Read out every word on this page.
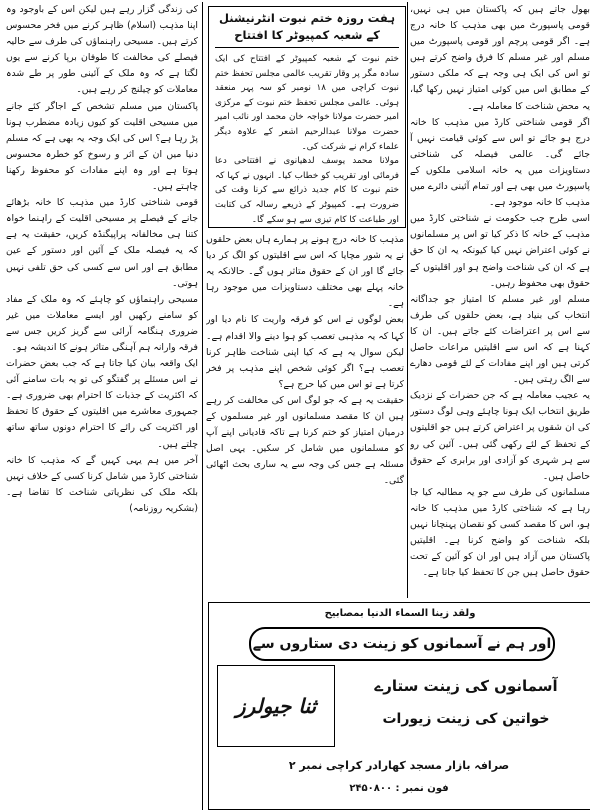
بھول جاتے ہیں کہ پاکستان میں ہی نہیں، قومی پاسپورٹ میں بھی مذہب کا خانہ درج ہے۔ اگر قومی پرچم اور قومی پاسپورٹ میں مسلم اور غیر مسلم کا فرق واضح کرتے ہیں تو اس کی ایک ہی وجہ ہے کہ ملکی دستور کے مطابق اس میں کوئی امتیاز نہیں رکھا گیا، یہ محض شناخت کا معاملہ ہے۔

اگر قومی شناختی کارڈ میں مذہب کا خانہ درج ہو جائے تو اس سے کوئی قیامت نہیں آ جائے گی۔ عالمی فیصلہ کی شناختی دستاویزات میں یہ خانہ اسلامی ملکوں کے پاسپورٹ میں بھی ہے اور تمام آئینی دائرے میں مذہب کا خانہ موجود ہے۔

اسی طرح جب حکومت نے شناختی کارڈ میں مذہب کے خانہ کا ذکر کیا تو اس پر مسلمانوں نے کوئی اعتراض نہیں کیا کیونکہ یہ ان کا حق ہے کہ ان کی شناخت واضح ہو اور اقلیتوں کے حقوق بھی محفوظ رہیں۔

مسلم اور غیر مسلم کا امتیاز جو جداگانہ انتخاب کی بنیاد ہے، بعض حلقوں کی طرف سے اس پر اعتراضات کئے جاتے ہیں۔ ان کا کہنا ہے کہ اس سے اقلیتیں مراعات حاصل کرتی ہیں اور اپنے مفادات کے لئے قومی دھارے سے الگ رہتی ہیں۔

یہ عجیب معاملہ ہے کہ جن حضرات کے نزدیک طریق انتخاب ایک ہونا چاہئے وہی لوگ دستور کی ان شقوں پر اعتراض کرتے ہیں جو اقلیتوں کے تحفظ کے لئے رکھی گئی ہیں۔ آئین کی رو سے ہر شہری کو آزادی اور برابری کے حقوق حاصل ہیں۔

مسلمانوں کی طرف سے جو یہ مطالبہ کیا جا رہا ہے کہ شناختی کارڈ میں مذہب کا خانہ ہو، اس کا مقصد کسی کو نقصان پہنچانا نہیں بلکہ شناخت کو واضح کرنا ہے۔ اقلیتیں پاکستان میں آزاد ہیں اور ان کو آئین کے تحت حقوق حاصل ہیں جن کا تحفظ کیا جاتا ہے۔

ہفت روزہ ختم نبوت انٹرنیشنل کے شعبہ کمپیوٹر کا افتتاح

ختم نبوت کے شعبہ کمپیوٹر کے افتتاح کی ایک سادہ مگر پر وقار تقریب عالمی مجلس تحفظ ختم نبوت کراچی میں ۱۸ نومبر کو سہ پہر منعقد ہوئی۔ عالمی مجلس تحفظ ختم نبوت کے مرکزی امیر حضرت مولانا خواجہ خان محمد اور نائب امیر حضرت مولانا عبدالرحیم اشعر کے علاوہ دیگر علماء کرام نے شرکت کی۔

مولانا محمد یوسف لدھیانوی نے افتتاحی دعا فرمائی اور تقریب کو خطاب کیا۔ انہوں نے کہا کہ ختم نبوت کا کام جدید ذرائع سے کرنا وقت کی ضرورت ہے۔ کمپیوٹر کے ذریعے رسالہ کی کتابت اور طباعت کا کام تیزی سے ہو سکے گا۔

مذہب کا خانہ درج ہونے پر ہمارے ہاں بعض حلقوں نے یہ شور مچایا کہ اس سے اقلیتوں کو الگ کر دیا جائے گا اور ان کے حقوق متاثر ہوں گے۔ حالانکہ یہ خانہ پہلے بھی مختلف دستاویزات میں موجود رہا ہے۔

بعض لوگوں نے اس کو فرقہ واریت کا نام دیا اور کہا کہ یہ مذہبی تعصب کو ہوا دینے والا اقدام ہے۔ لیکن سوال یہ ہے کہ کیا اپنی شناخت ظاہر کرنا تعصب ہے؟ اگر کوئی شخص اپنے مذہب پر فخر کرتا ہے تو اس میں کیا حرج ہے؟

حقیقت یہ ہے کہ جو لوگ اس کی مخالفت کر رہے ہیں ان کا مقصد مسلمانوں اور غیر مسلموں کے درمیان امتیاز کو ختم کرنا ہے تاکہ قادیانی اپنے آپ کو مسلمانوں میں شامل کر سکیں۔ یہی اصل مسئلہ ہے جس کی وجہ سے یہ ساری بحث اٹھائی گئی۔

کی زندگی گزار رہے ہیں لیکن اس کے باوجود وہ اپنا مذہب (اسلام) ظاہر کرنے میں فخر محسوس کرتے ہیں۔ مسیحی راہنماؤں کی طرف سے حالیہ فیصلے کی مخالفت کا طوفان برپا کرنے سے یوں لگتا ہے کہ وہ ملک کے آئینی طور پر طے شدہ معاملات کو چیلنج کر رہے ہیں۔

پاکستان میں مسلم تشخص کے اجاگر کئے جانے میں مسیحی اقلیت کو کیوں زیادہ مضطرب ہونا پڑ رہا ہے؟ اس کی ایک وجہ یہ بھی ہے کہ مسلم دنیا میں ان کے اثر و رسوخ کو خطرہ محسوس ہوتا ہے اور وہ اپنے مفادات کو محفوظ رکھنا چاہتے ہیں۔

قومی شناختی کارڈ میں مذہب کا خانہ بڑھائے جانے کے فیصلے پر مسیحی اقلیت کے راہنما خواہ کتنا ہی مخالفانہ پراپیگنڈہ کریں، حقیقت یہ ہے کہ یہ فیصلہ ملک کے آئین اور دستور کے عین مطابق ہے اور اس سے کسی کی حق تلفی نہیں ہوتی۔

مسیحی راہنماؤں کو چاہئے کہ وہ ملک کے مفاد کو سامنے رکھیں اور ایسے معاملات میں غیر ضروری ہنگامہ آرائی سے گریز کریں جس سے فرقہ وارانہ ہم آہنگی متاثر ہونے کا اندیشہ ہو۔

ایک واقعہ بیان کیا جاتا ہے کہ جب بعض حضرات نے اس مسئلے پر گفتگو کی تو یہ بات سامنے آئی کہ اکثریت کے جذبات کا احترام بھی ضروری ہے۔ جمہوری معاشرے میں اقلیتوں کے حقوق کا تحفظ اور اکثریت کی رائے کا احترام دونوں ساتھ ساتھ چلتے ہیں۔

آخر میں ہم یہی کہیں گے کہ مذہب کا خانہ شناختی کارڈ میں شامل کرنا کسی کے خلاف نہیں بلکہ ملک کی نظریاتی شناخت کا تقاضا ہے۔ (بشکریہ روزنامہ)

ولقد زینا السماء الدنیا بمصابیح
اور ہم نے آسمانوں کو زینت دی ستاروں سے
ثنا جیولرز
آسمانوں کی زینت ستارے
خواتین کی زینت زیورات
صرافہ بازار مسجد کھارادر کراچی نمبر ۲
فون نمبر : ۲۴۵۰۸۰۰
